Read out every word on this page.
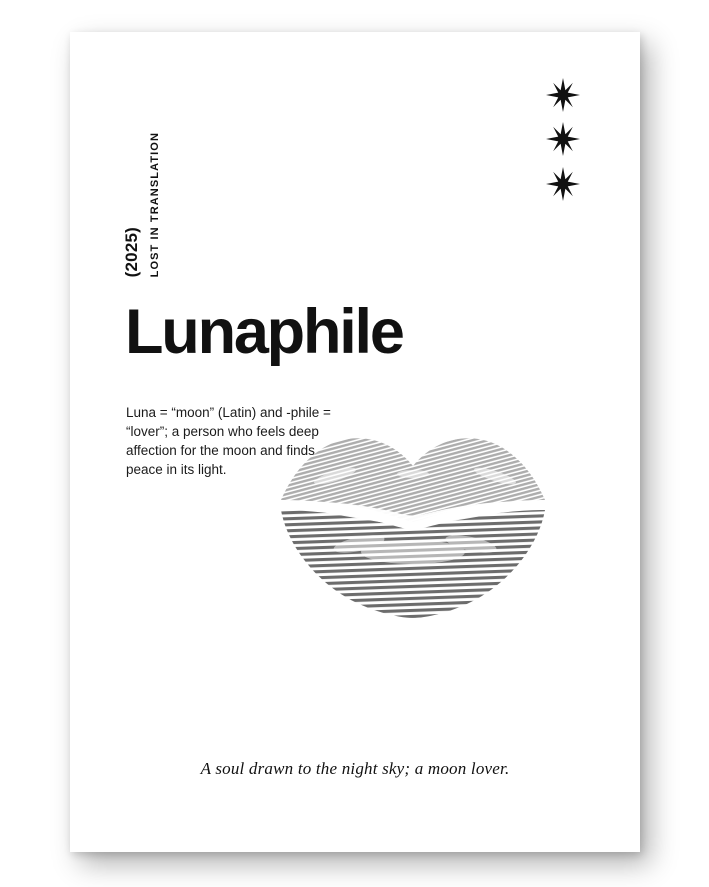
(2025) LOST IN TRANSLATION
Lunaphile
Luna = “moon” (Latin) and -phile = “lover”; a person who feels deep affection for the moon and finds peace in its light.
A soul drawn to the night sky; a moon lover.
